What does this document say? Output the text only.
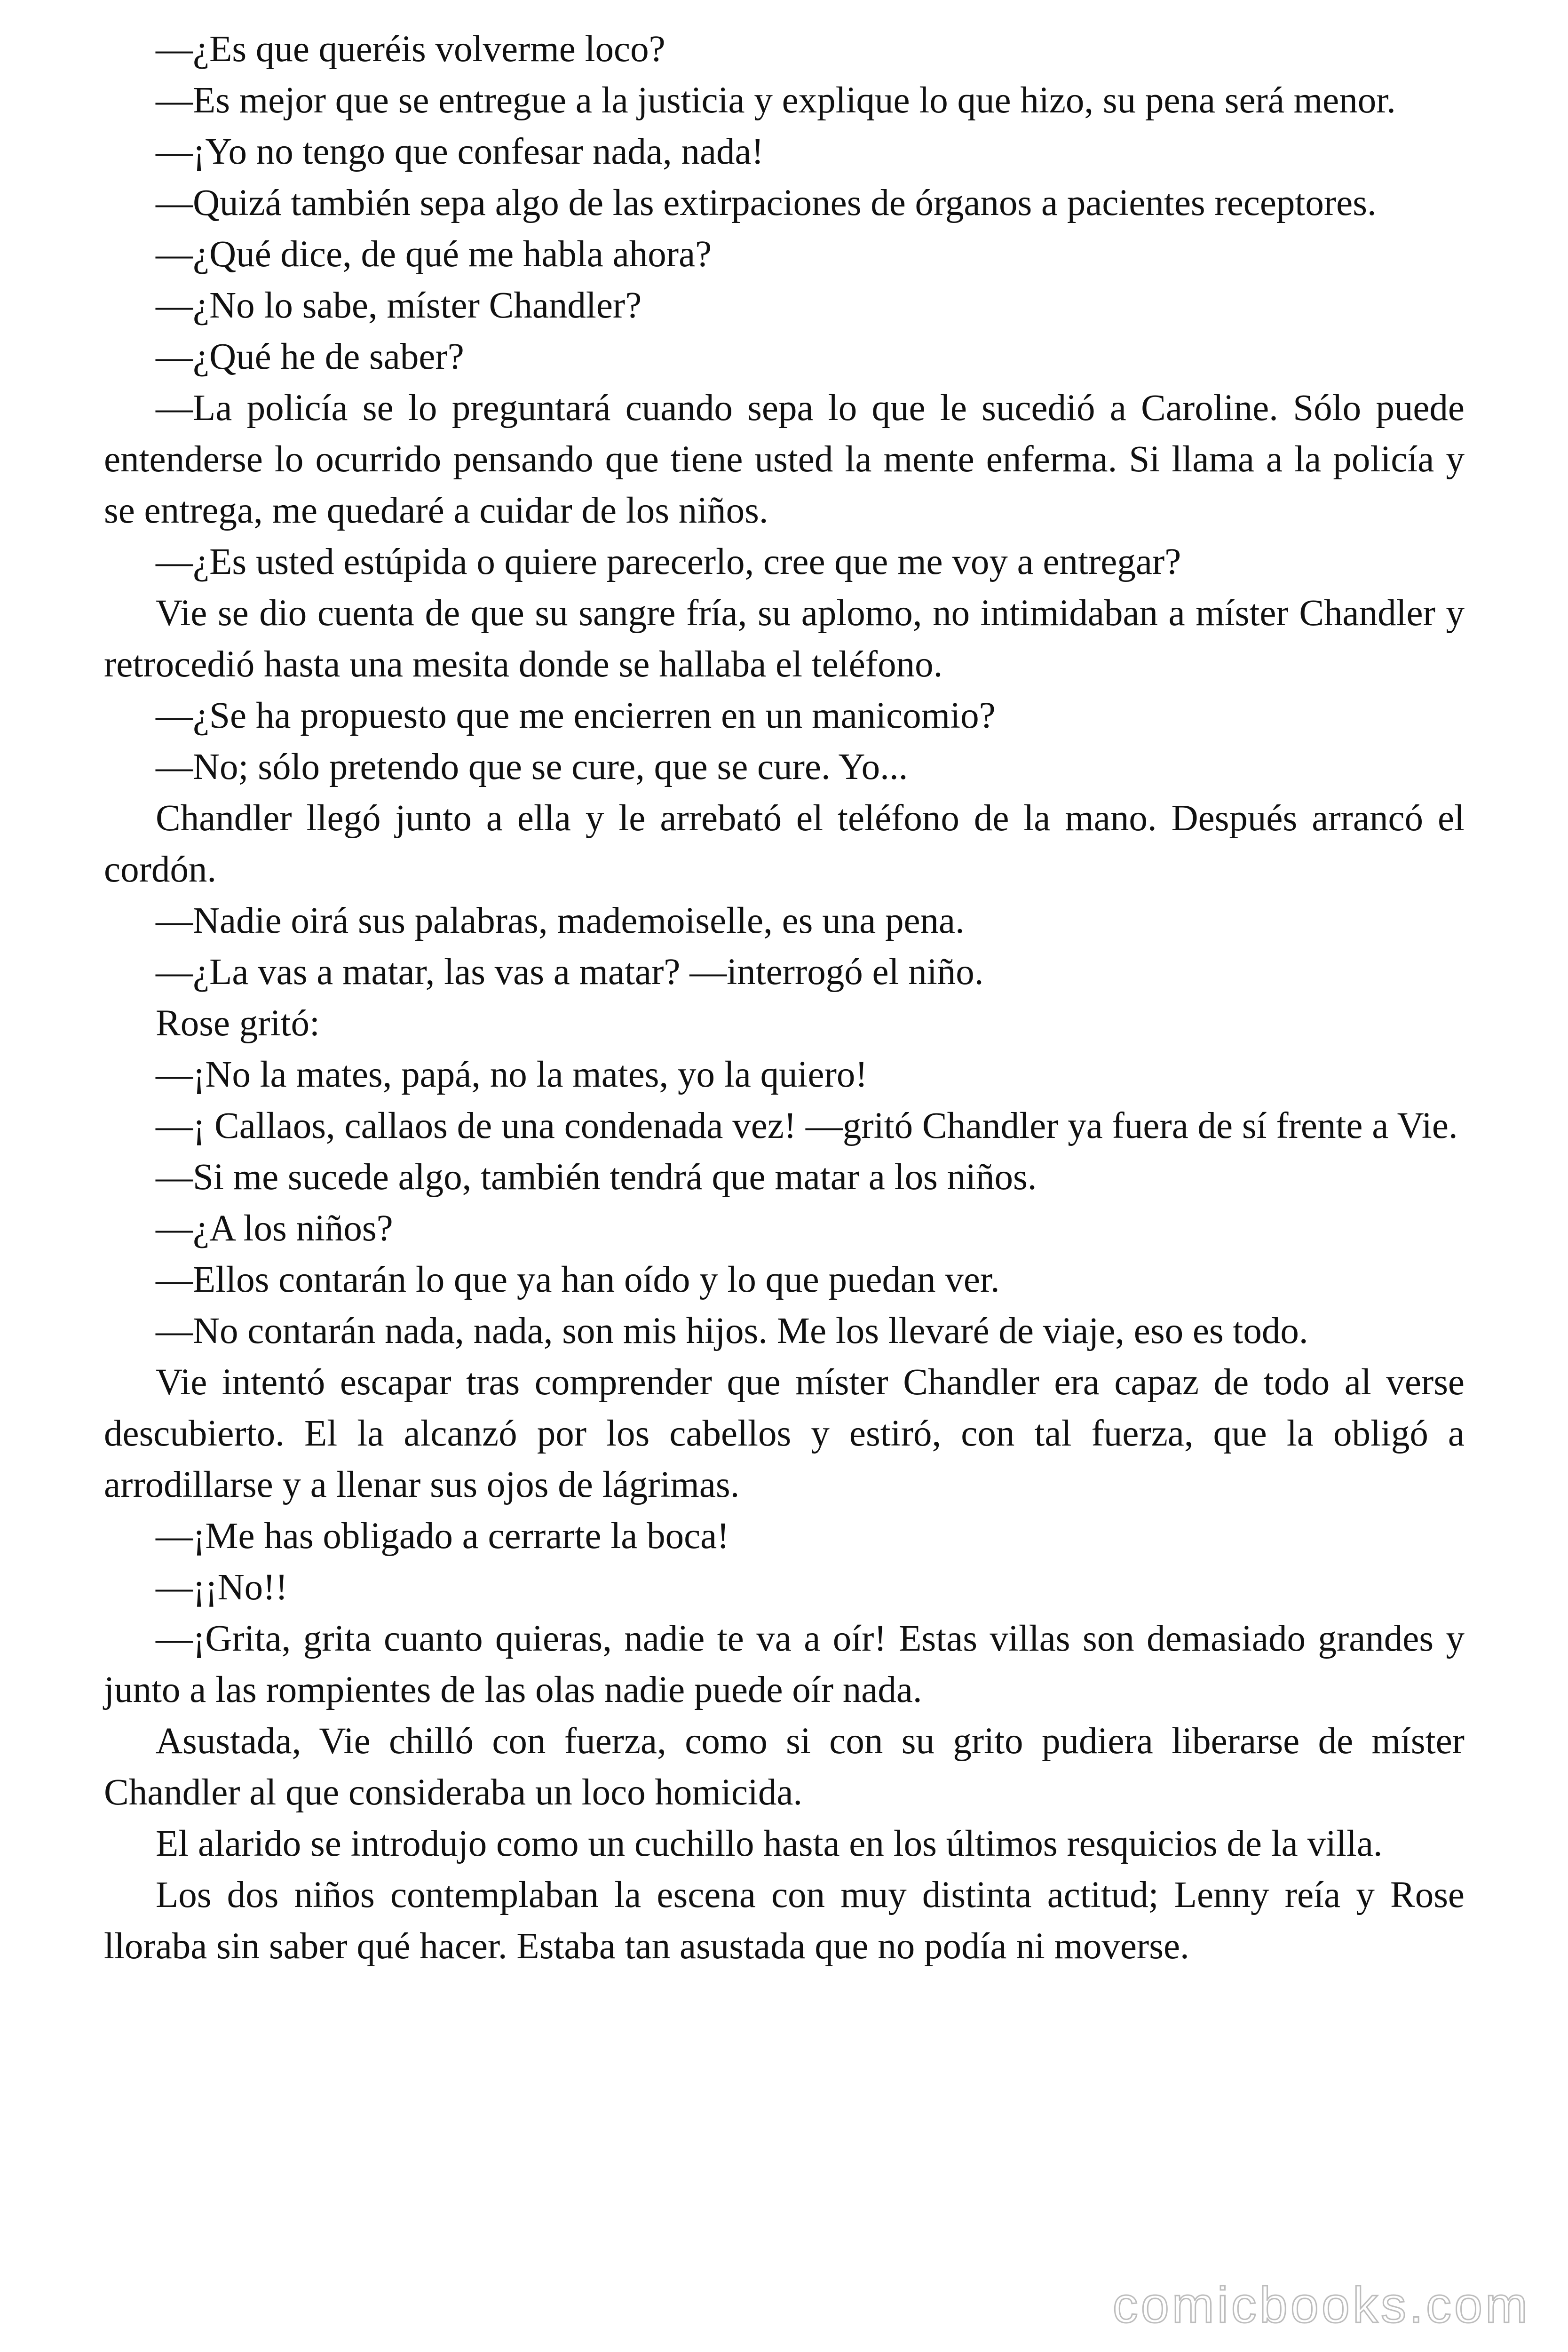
—¿Es que queréis volverme loco?

—Es mejor que se entregue a la justicia y explique lo que hizo, su pena será menor.

—¡Yo no tengo que confesar nada, nada!

—Quizá también sepa algo de las extirpaciones de órganos a pacientes receptores.

—¿Qué dice, de qué me habla ahora?

—¿No lo sabe, míster Chandler?

—¿Qué he de saber?

—La policía se lo preguntará cuando sepa lo que le sucedió a Caroline. Sólo puede entenderse lo ocurrido pensando que tiene usted la mente enferma. Si llama a la policía y se entrega, me quedaré a cuidar de los niños.

—¿Es usted estúpida o quiere parecerlo, cree que me voy a entregar?

Vie se dio cuenta de que su sangre fría, su aplomo, no intimidaban a míster Chandler y retrocedió hasta una mesita donde se hallaba el teléfono.

—¿Se ha propuesto que me encierren en un manicomio?

—No; sólo pretendo que se cure, que se cure. Yo...

Chandler llegó junto a ella y le arrebató el teléfono de la mano. Después arrancó el cordón.

—Nadie oirá sus palabras, mademoiselle, es una pena.

—¿La vas a matar, las vas a matar? —interrogó el niño.

Rose gritó:

—¡No la mates, papá, no la mates, yo la quiero!

—¡ Callaos, callaos de una condenada vez! —gritó Chandler ya fuera de sí frente a Vie.

—Si me sucede algo, también tendrá que matar a los niños.

—¿A los niños?

—Ellos contarán lo que ya han oído y lo que puedan ver.

—No contarán nada, nada, son mis hijos. Me los llevaré de viaje, eso es todo.

Vie intentó escapar tras comprender que míster Chandler era capaz de todo al verse descubierto. El la alcanzó por los cabellos y estiró, con tal fuerza, que la obligó a arrodillarse y a llenar sus ojos de lágrimas.

—¡Me has obligado a cerrarte la boca!

—¡¡No!!

—¡Grita, grita cuanto quieras, nadie te va a oír! Estas villas son demasiado grandes y junto a las rompientes de las olas nadie puede oír nada.

Asustada, Vie chilló con fuerza, como si con su grito pudiera liberarse de míster Chandler al que consideraba un loco homicida.

El alarido se introdujo como un cuchillo hasta en los últimos resquicios de la villa.

Los dos niños contemplaban la escena con muy distinta actitud; Lenny reía y Rose lloraba sin saber qué hacer. Estaba tan asustada que no podía ni moverse.

comicbooks.com
